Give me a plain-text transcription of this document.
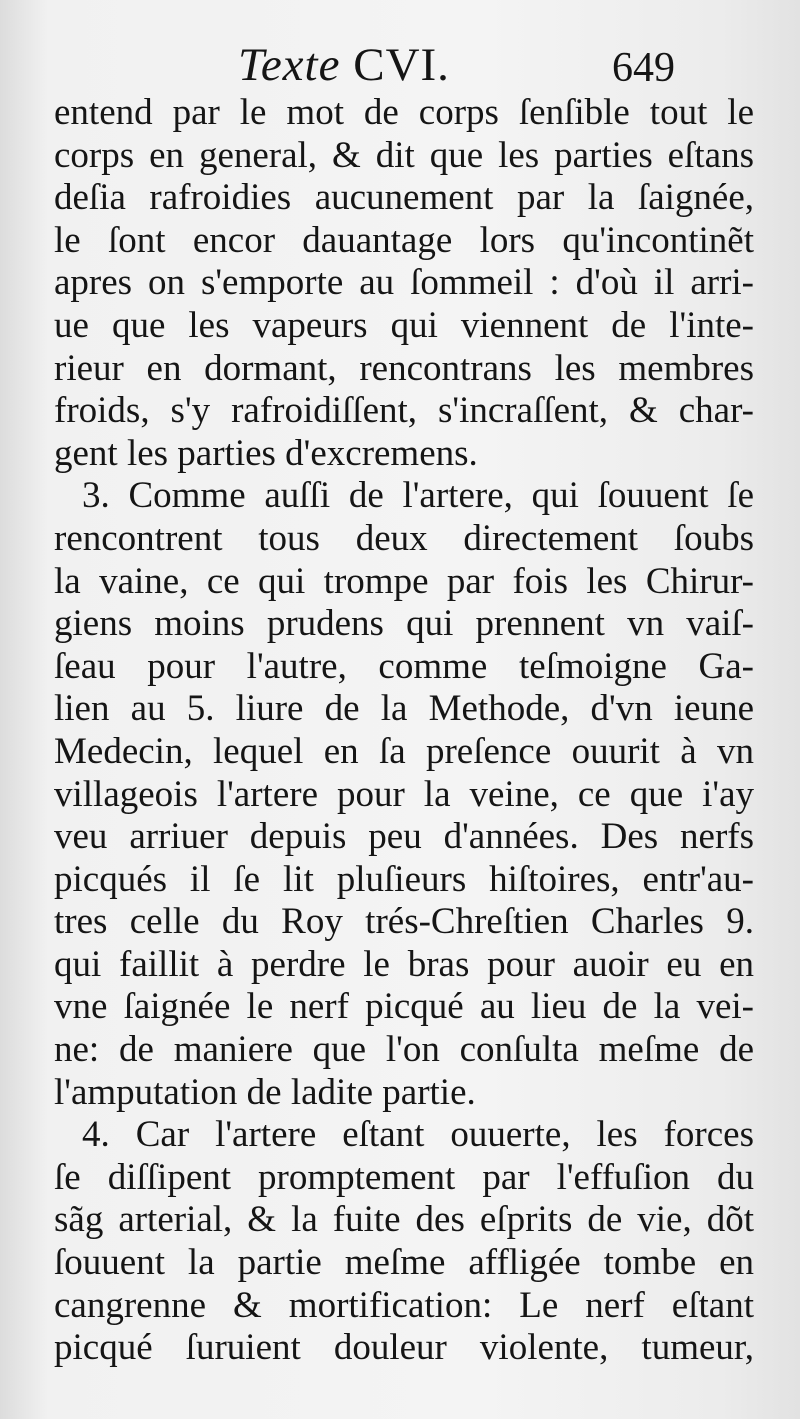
Texte CVI.	649
entend par le mot de corps ſenſible tout le
corps en general, & dit que les parties eſtans
deſia rafroidies aucunement par la ſaignée,
le ſont encor dauantage lors qu'incontinẽt
apres on s'emporte au ſommeil : d'où il arri-
ue que les vapeurs qui viennent de l'inte-
rieur en dormant, rencontrans les membres
froids, s'y rafroidiſſent, s'incraſſent, & char-
gent les parties d'excremens.
3. Comme auſſi de l'artere, qui ſouuent ſe
rencontrent tous deux directement ſoubs
la vaine, ce qui trompe par fois les Chirur-
giens moins prudens qui prennent vn vaiſ-
ſeau pour l'autre, comme teſmoigne Ga-
lien au 5. liure de la Methode, d'vn ieune
Medecin, lequel en ſa preſence ouurit à vn
villageois l'artere pour la veine, ce que i'ay
veu arriuer depuis peu d'années. Des nerfs
picqués il ſe lit pluſieurs hiſtoires, entr'au-
tres celle du Roy trés-Chreſtien Charles 9.
qui faillit à perdre le bras pour auoir eu en
vne ſaignée le nerf picqué au lieu de la vei-
ne: de maniere que l'on conſulta meſme de
l'amputation de ladite partie.
4. Car l'artere eſtant ouuerte, les forces
ſe diſſipent promptement par l'effuſion du
sãg arterial, & la fuite des eſprits de vie, dõt
ſouuent la partie meſme affligée tombe en
cangrenne & mortification: Le nerf eſtant
picqué ſuruient douleur violente, tumeur,
